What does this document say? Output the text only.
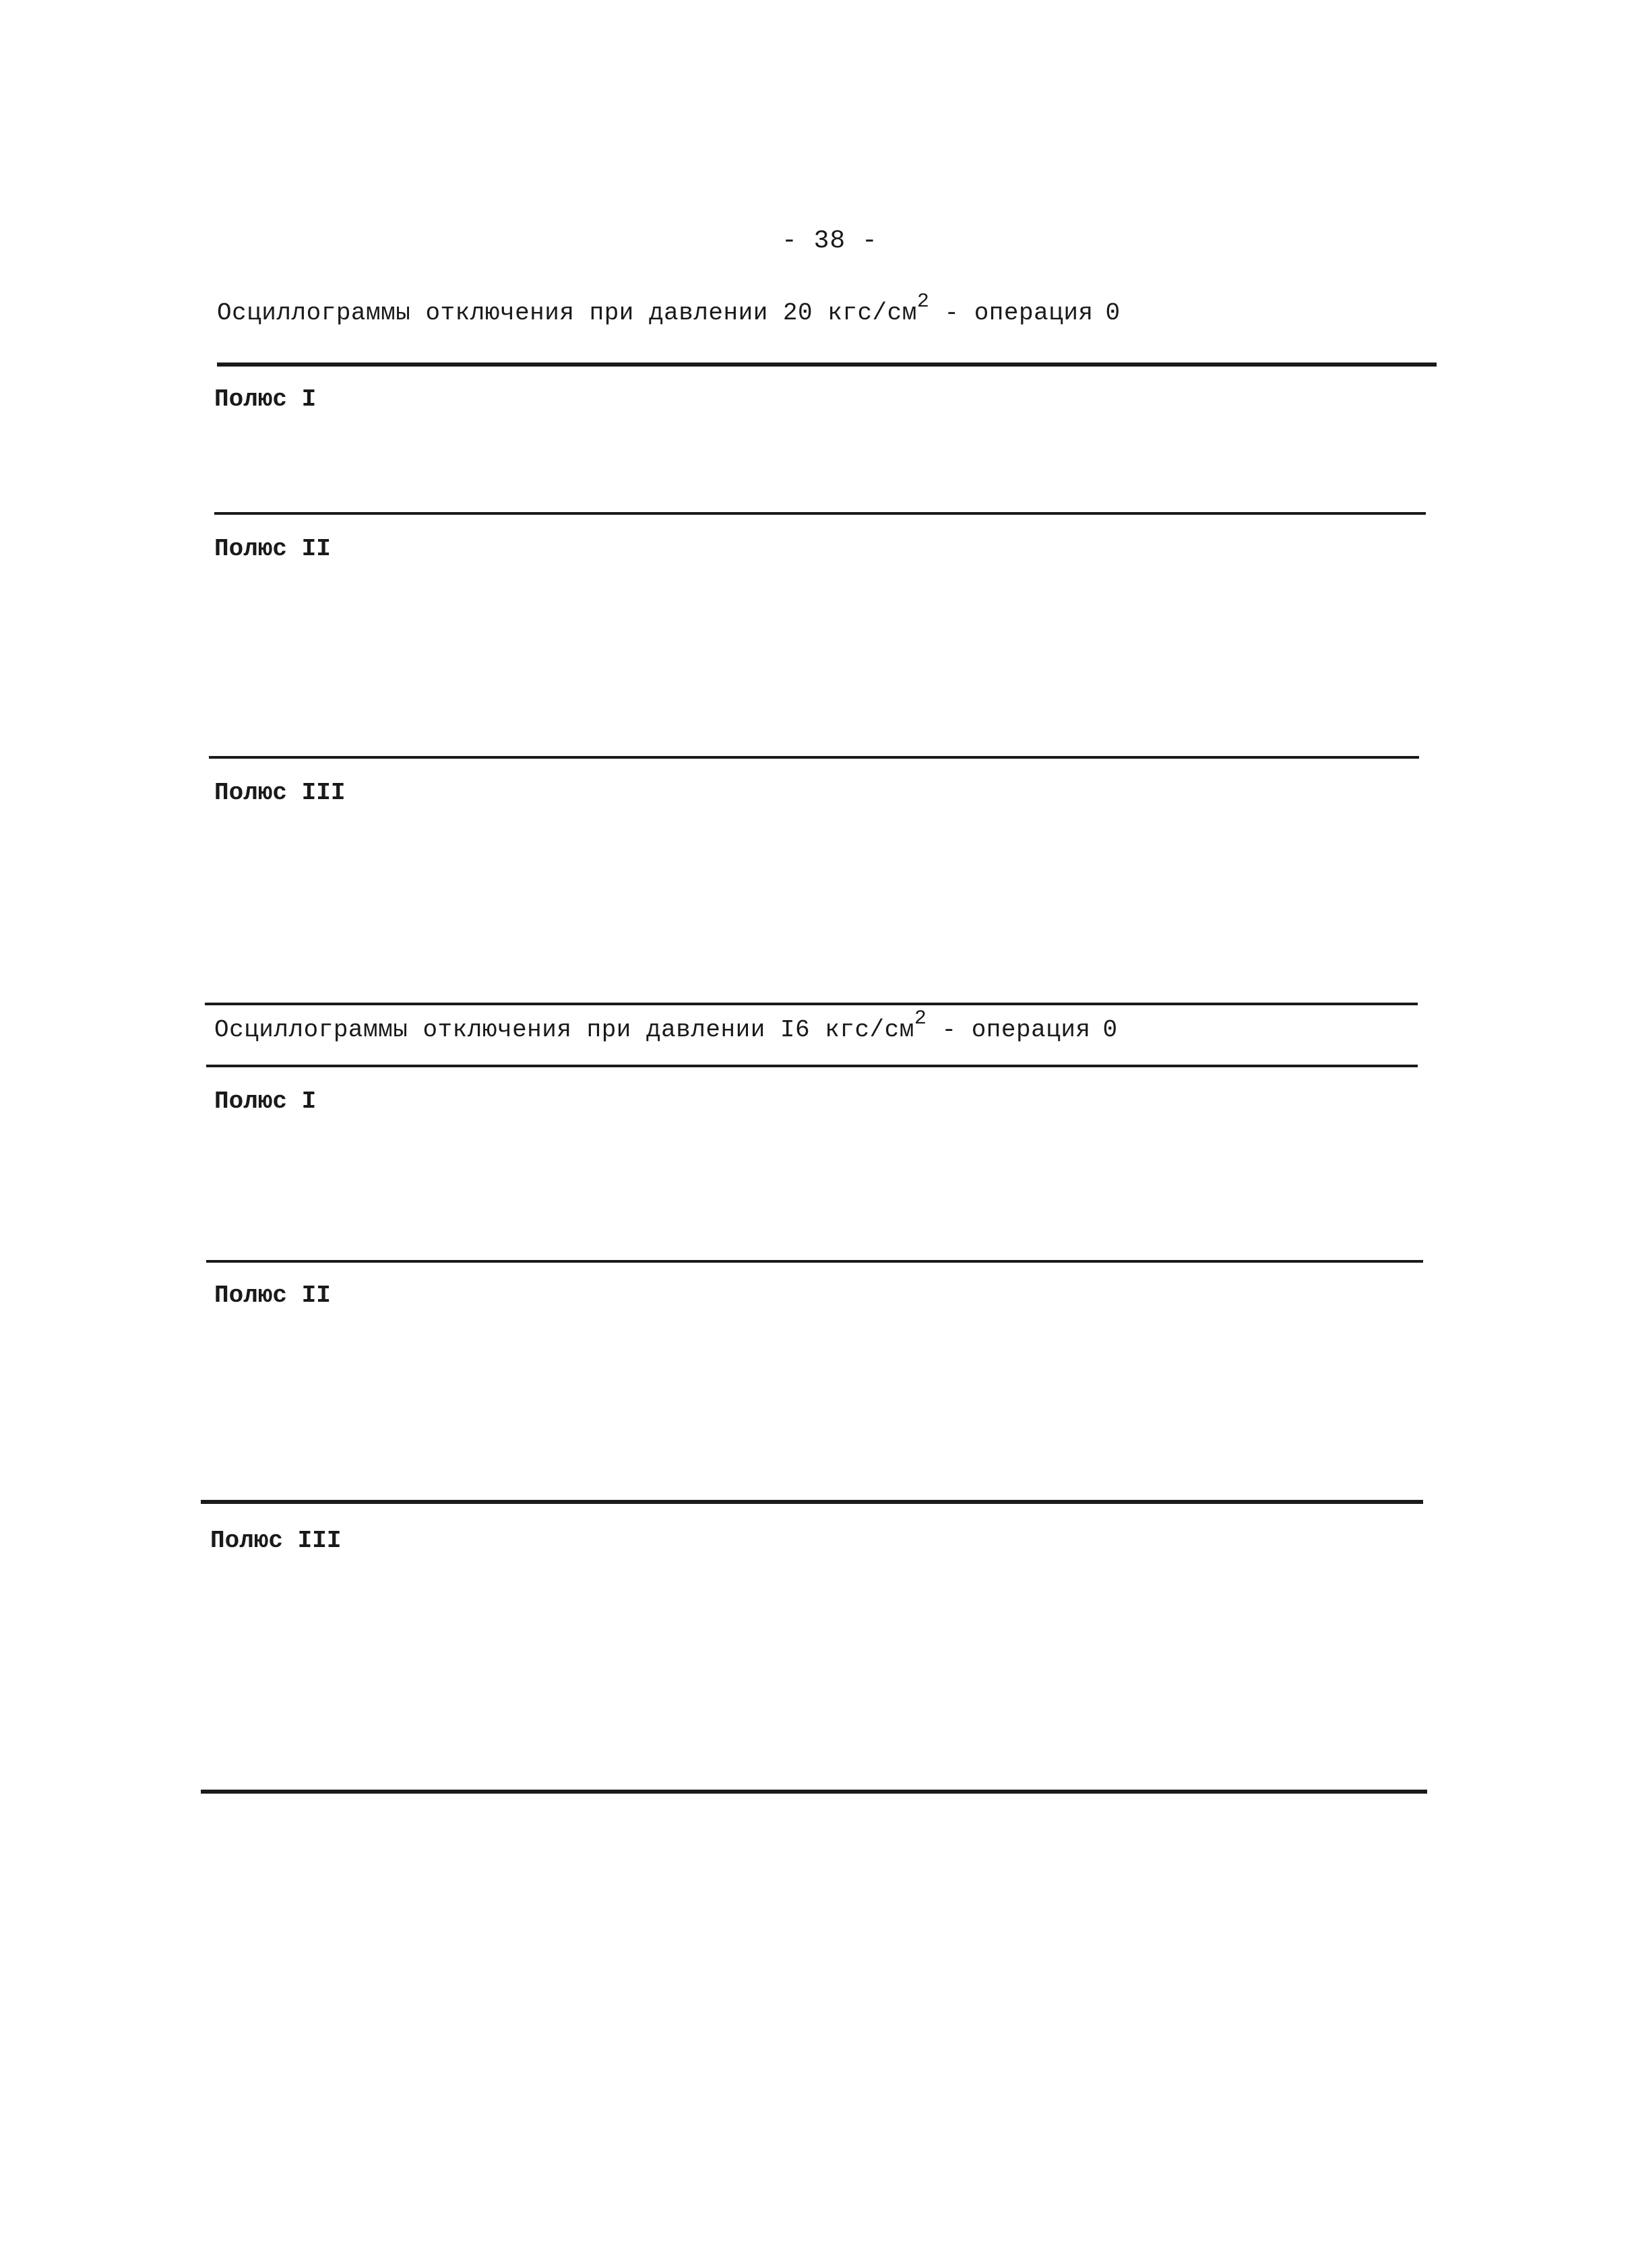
- 38 -
Осциллограммы отключения при давлении 20 кгс/$см^2$ - операция 0
Полюс I
Полюс II
Полюс III
Осциллограммы отключения при давлении I6 кгс/$см^2$ - операция 0
Полюс I
Полюс II
Полюс III
